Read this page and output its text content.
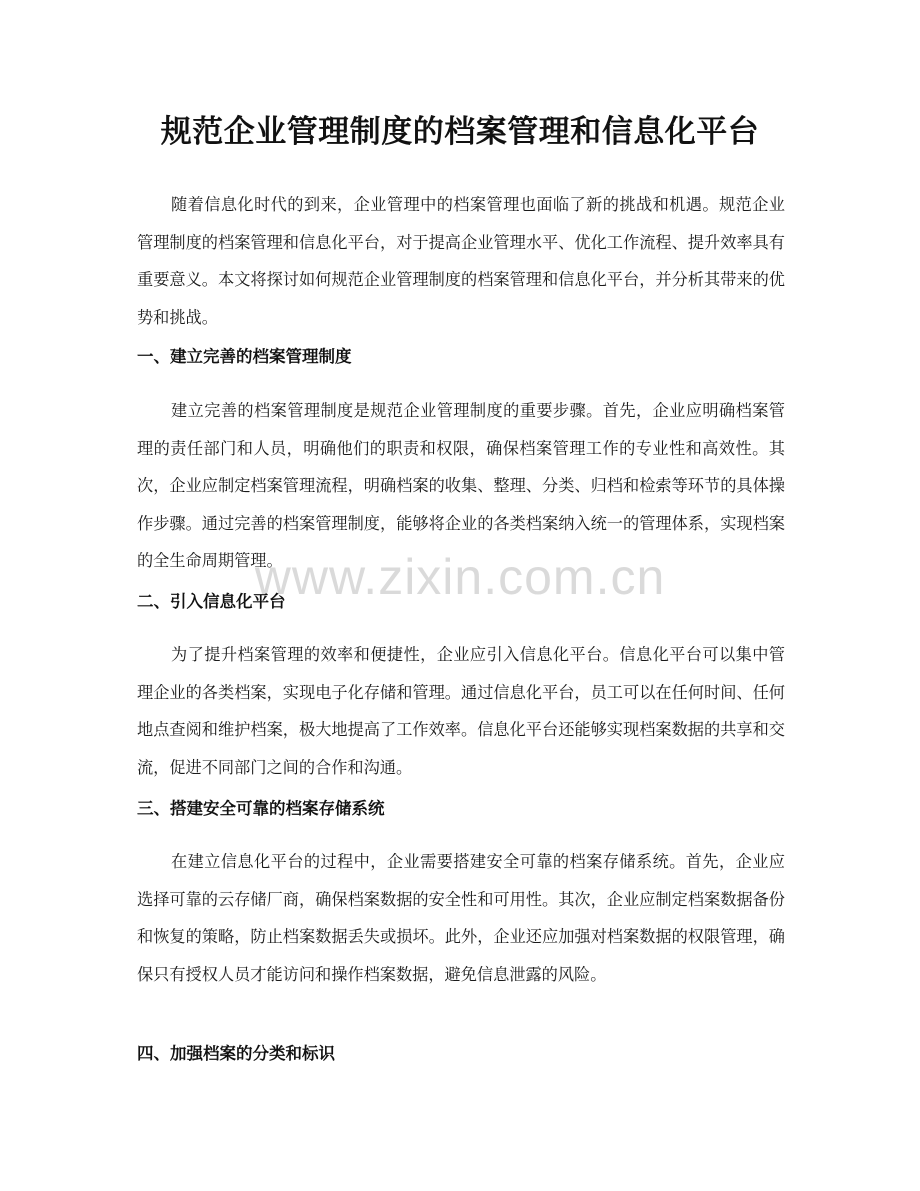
规范企业管理制度的档案管理和信息化平台

随着信息化时代的到来，企业管理中的档案管理也面临了新的挑战和机遇。规范企业管理制度的档案管理和信息化平台，对于提高企业管理水平、优化工作流程、提升效率具有重要意义。本文将探讨如何规范企业管理制度的档案管理和信息化平台，并分析其带来的优势和挑战。

一、建立完善的档案管理制度

建立完善的档案管理制度是规范企业管理制度的重要步骤。首先，企业应明确档案管理的责任部门和人员，明确他们的职责和权限，确保档案管理工作的专业性和高效性。其次，企业应制定档案管理流程，明确档案的收集、整理、分类、归档和检索等环节的具体操作步骤。通过完善的档案管理制度，能够将企业的各类档案纳入统一的管理体系，实现档案的全生命周期管理。

二、引入信息化平台

为了提升档案管理的效率和便捷性，企业应引入信息化平台。信息化平台可以集中管理企业的各类档案，实现电子化存储和管理。通过信息化平台，员工可以在任何时间、任何地点查阅和维护档案，极大地提高了工作效率。信息化平台还能够实现档案数据的共享和交流，促进不同部门之间的合作和沟通。

三、搭建安全可靠的档案存储系统

在建立信息化平台的过程中，企业需要搭建安全可靠的档案存储系统。首先，企业应选择可靠的云存储厂商，确保档案数据的安全性和可用性。其次，企业应制定档案数据备份和恢复的策略，防止档案数据丢失或损坏。此外，企业还应加强对档案数据的权限管理，确保只有授权人员才能访问和操作档案数据，避免信息泄露的风险。

四、加强档案的分类和标识
www.zixin.com.cn
